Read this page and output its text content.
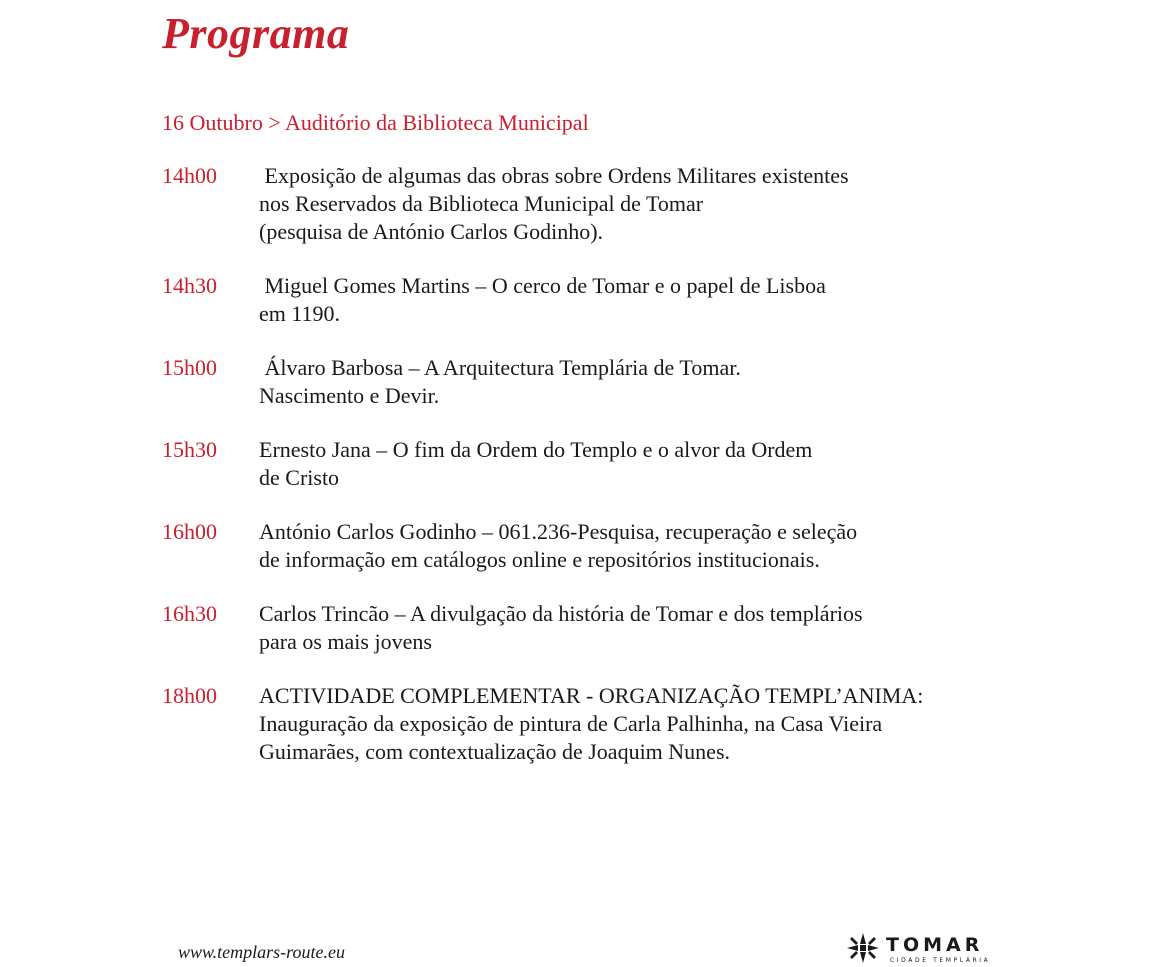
Programa

16 Outubro > Auditório da Biblioteca Municipal

14h00 Exposição de algumas das obras sobre Ordens Militares existentes
nos Reservados da Biblioteca Municipal de Tomar
(pesquisa de António Carlos Godinho).
14h30 Miguel Gomes Martins – O cerco de Tomar e o papel de Lisboa
em 1190.
15h00 Álvaro Barbosa – A Arquitectura Templária de Tomar.
Nascimento e Devir.
15h30 Ernesto Jana – O fim da Ordem do Templo e o alvor da Ordem
de Cristo
16h00 António Carlos Godinho – 061.236-Pesquisa, recuperação e seleção
de informação em catálogos online e repositórios institucionais.
16h30 Carlos Trincão – A divulgação da história de Tomar e dos templários
para os mais jovens
18h00 ACTIVIDADE COMPLEMENTAR - ORGANIZAÇÃO TEMPL’ANIMA:
Inauguração da exposição de pintura de Carla Palhinha, na Casa Vieira
Guimarães, com contextualização de Joaquim Nunes.
www.templars-route.eu	TOMAR
CIDADE TEMPLÁRIA
